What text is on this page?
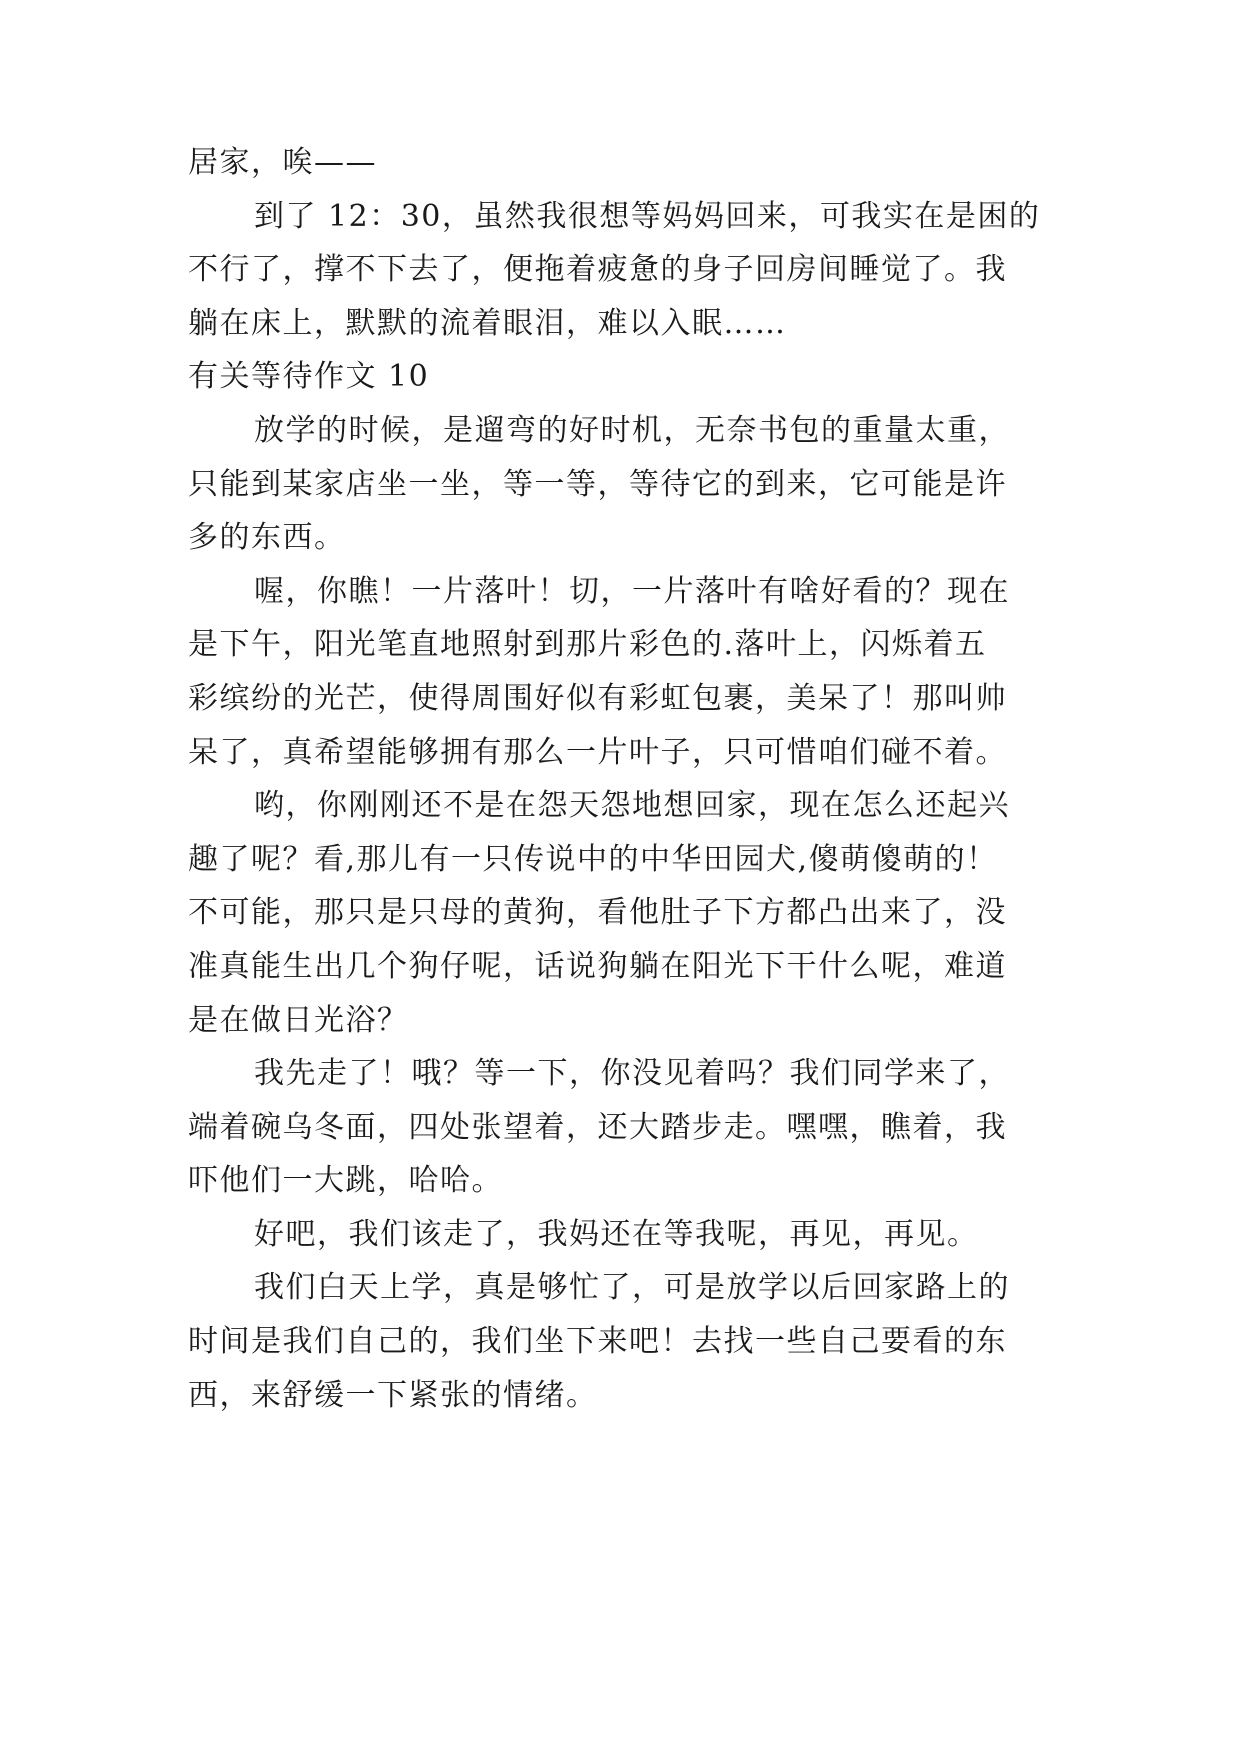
居家，唉——
到了 12：30，虽然我很想等妈妈回来，可我实在是困的
不行了，撑不下去了，便拖着疲惫的身子回房间睡觉了。我
躺在床上，默默的流着眼泪，难以入眠……
有关等待作文 10
放学的时候，是遛弯的好时机，无奈书包的重量太重，
只能到某家店坐一坐，等一等，等待它的到来，它可能是许
多的东西。
喔，你瞧！一片落叶！切，一片落叶有啥好看的？现在
是下午，阳光笔直地照射到那片彩色的.落叶上，闪烁着五
彩缤纷的光芒，使得周围好似有彩虹包裹，美呆了！那叫帅
呆了，真希望能够拥有那么一片叶子，只可惜咱们碰不着。
哟，你刚刚还不是在怨天怨地想回家，现在怎么还起兴
趣了呢？看,那儿有一只传说中的中华田园犬,傻萌傻萌的！
不可能，那只是只母的黄狗，看他肚子下方都凸出来了，没
准真能生出几个狗仔呢，话说狗躺在阳光下干什么呢，难道
是在做日光浴？
我先走了！哦？等一下，你没见着吗？我们同学来了，
端着碗乌冬面，四处张望着，还大踏步走。嘿嘿，瞧着，我
吓他们一大跳，哈哈。
好吧，我们该走了，我妈还在等我呢，再见，再见。
我们白天上学，真是够忙了，可是放学以后回家路上的
时间是我们自己的，我们坐下来吧！去找一些自己要看的东
西，来舒缓一下紧张的情绪。
